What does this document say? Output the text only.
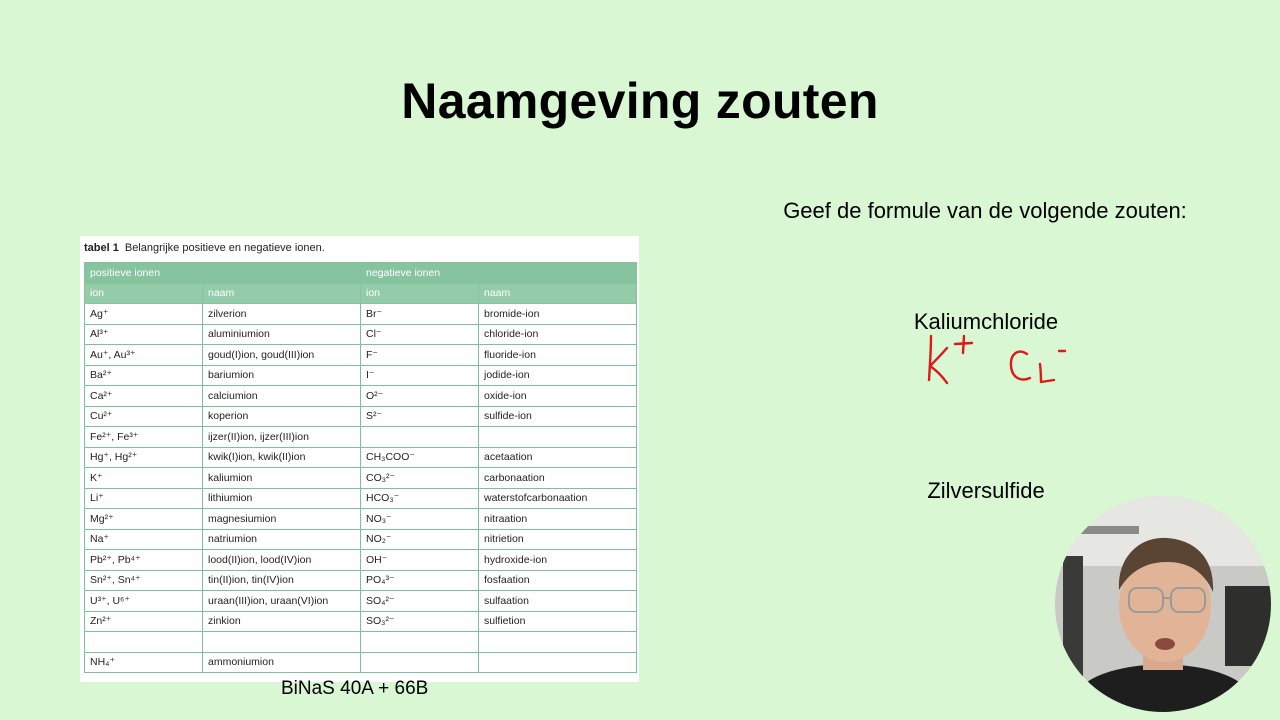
Naamgeving zouten
tabel 1 Belangrijke positieve en negatieve ionen.
positieve ionen		negatieve ionen	
ion	naam	ion	naam
Ag⁺	zilverion	Br⁻	bromide-ion
Al³⁺	aluminiumion	Cl⁻	chloride-ion
Au⁺, Au³⁺	goud(I)ion, goud(III)ion	F⁻	fluoride-ion
Ba²⁺	bariumion	I⁻	jodide-ion
Ca²⁺	calciumion	O²⁻	oxide-ion
Cu²⁺	koperion	S²⁻	sulfide-ion
Fe²⁺, Fe³⁺	ijzer(II)ion, ijzer(III)ion		
Hg⁺, Hg²⁺	kwik(I)ion, kwik(II)ion	CH₃COO⁻	acetaation
K⁺	kaliumion	CO₃²⁻	carbonaation
Li⁺	lithiumion	HCO₃⁻	waterstofcarbonaation
Mg²⁺	magnesiumion	NO₃⁻	nitraation
Na⁺	natriumion	NO₂⁻	nitrietion
Pb²⁺, Pb⁴⁺	lood(II)ion, lood(IV)ion	OH⁻	hydroxide-ion
Sn²⁺, Sn⁴⁺	tin(II)ion, tin(IV)ion	PO₄³⁻	fosfaation
U³⁺, U⁶⁺	uraan(III)ion, uraan(VI)ion	SO₄²⁻	sulfaation
Zn²⁺	zinkion	SO₃²⁻	sulfietion

NH₄⁺	ammoniumion		
BiNaS 40A + 66B
Geef de formule van de volgende zouten:
Kaliumchloride
Zilversulfide
